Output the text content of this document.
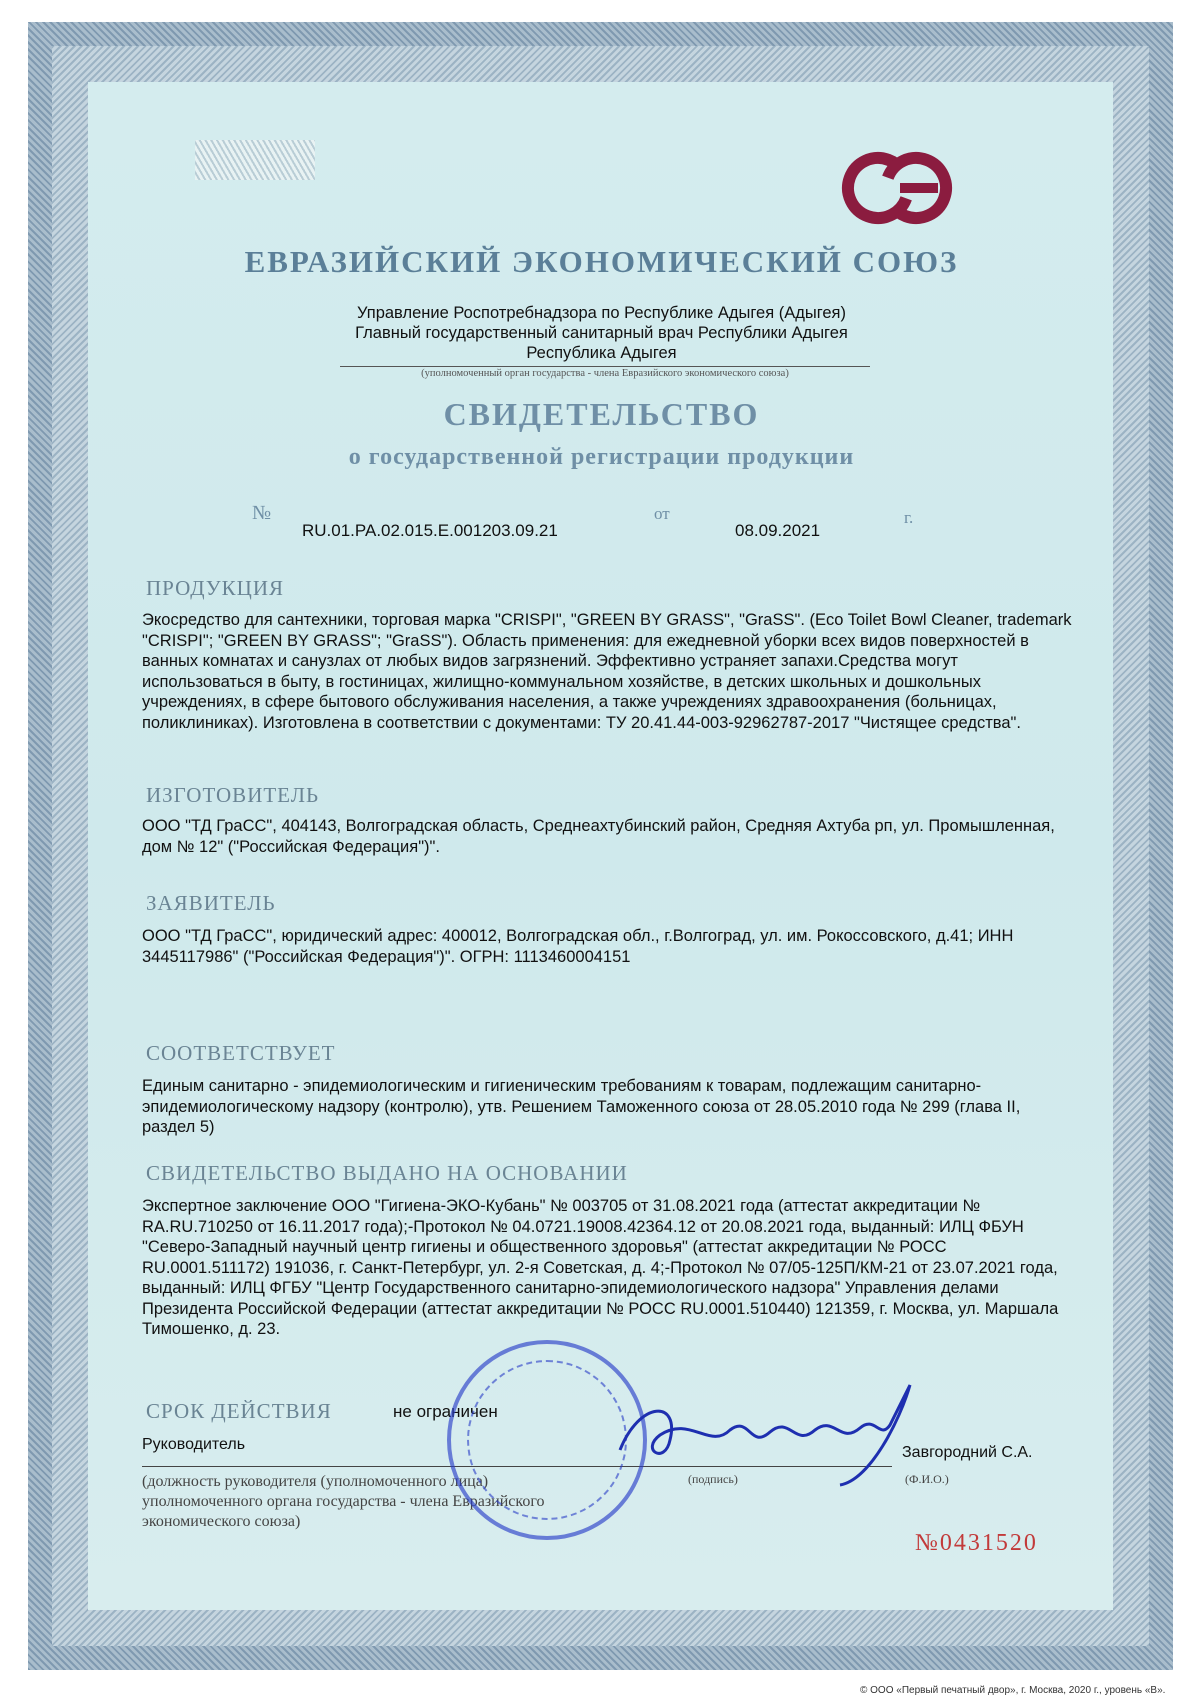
ЕВРАЗИЙСКИЙ ЭКОНОМИЧЕСКИЙ СОЮЗ
Управление Роспотребнадзора по Республике Адыгея (Адыгея)
Главный государственный санитарный врач Республики Адыгея
Республика Адыгея
(уполномоченный орган государства - члена Евразийского экономического союза)
СВИДЕТЕЛЬСТВО
о государственной регистрации продукции
№
RU.01.PA.02.015.E.001203.09.21
от
08.09.2021
г.
ПРОДУКЦИЯ
Экосредство для сантехники, торговая марка "CRISPI", "GREEN BY GRASS", "GraSS". (Eco Toilet Bowl Cleaner, trademark "CRISPI"; "GREEN BY GRASS"; "GraSS"). Область применения: для ежедневной уборки всех видов поверхностей в ванных комнатах и санузлах от любых видов загрязнений. Эффективно устраняет запахи.Средства могут использоваться в быту, в гостиницах, жилищно-коммунальном хозяйстве, в детских школьных и дошкольных учреждениях, в сфере бытового обслуживания населения, а также учреждениях здравоохранения (больницах, поликлиниках). Изготовлена в соответствии с документами: ТУ 20.41.44-003-92962787-2017 "Чистящее средства".
ИЗГОТОВИТЕЛЬ
ООО "ТД ГраСС", 404143, Волгоградская область, Среднеахтубинский район, Средняя Ахтуба рп, ул. Промышленная, дом № 12" ("Российская Федерация")".
ЗАЯВИТЕЛЬ
ООО "ТД ГраСС", юридический адрес: 400012, Волгоградская обл., г.Волгоград, ул. им. Рокоссовского, д.41; ИНН 3445117986" ("Российская Федерация")". ОГРН: 1113460004151
СООТВЕТСТВУЕТ
Единым санитарно - эпидемиологическим и гигиеническим требованиям к товарам, подлежащим санитарно-эпидемиологическому надзору (контролю), утв. Решением Таможенного союза от 28.05.2010 года № 299 (глава II, раздел 5)
СВИДЕТЕЛЬСТВО ВЫДАНО НА ОСНОВАНИИ
Экспертное заключение ООО "Гигиена-ЭКО-Кубань" № 003705 от 31.08.2021 года (аттестат аккредитации № RA.RU.710250 от 16.11.2017 года);-Протокол № 04.0721.19008.42364.12 от 20.08.2021 года, выданный: ИЛЦ ФБУН "Северо-Западный научный центр гигиены и общественного здоровья" (аттестат аккредитации № РОСС RU.0001.511172) 191036, г. Санкт-Петербург, ул. 2-я Советская, д. 4;-Протокол № 07/05-125П/КМ-21 от 23.07.2021 года, выданный: ИЛЦ ФГБУ "Центр Государственного санитарно-эпидемиологического надзора" Управления делами Президента Российской Федерации (аттестат аккредитации № РОСС RU.0001.510440) 121359, г. Москва, ул. Маршала Тимошенко, д. 23.
СРОК ДЕЙСТВИЯ	не ограничен
Руководитель	Завгородний С.А.
(должность руководителя (уполномоченного лица) уполномоченного органа государства - члена Евразийского экономического союза)
(подпись)	(Ф.И.О.)
№0431520
© ООО «Первый печатный двор», г. Москва, 2020 г., уровень «В».
